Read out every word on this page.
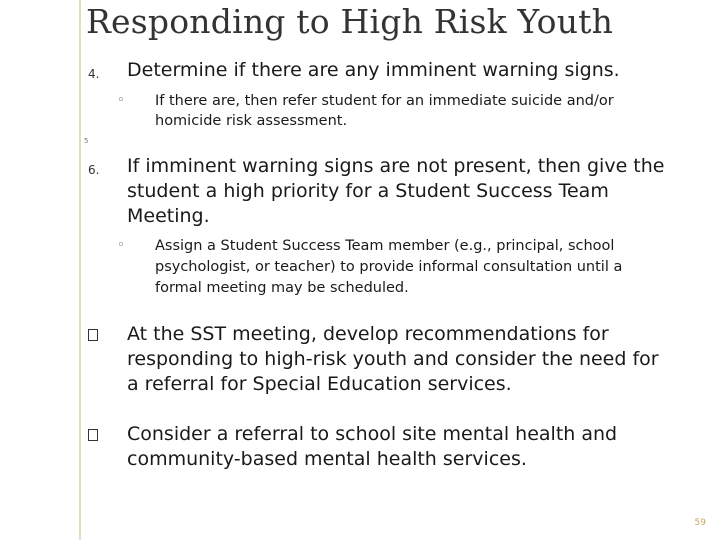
Responding to High Risk Youth
4. Determine if there are any imminent warning signs.
◦ If there are, then refer student for an immediate suicide and/or
homicide risk assessment.
5
6. If imminent warning signs are not present, then give the
student a high priority for a Student Success Team
Meeting.
◦ Assign a Student Success Team member (e.g., principal, school
psychologist, or teacher) to provide informal consultation until a
formal meeting may be scheduled.
At the SST meeting, develop recommendations for
responding to high-risk youth and consider the need for
a referral for Special Education services.
Consider a referral to school site mental health and
community-based mental health services.
59
